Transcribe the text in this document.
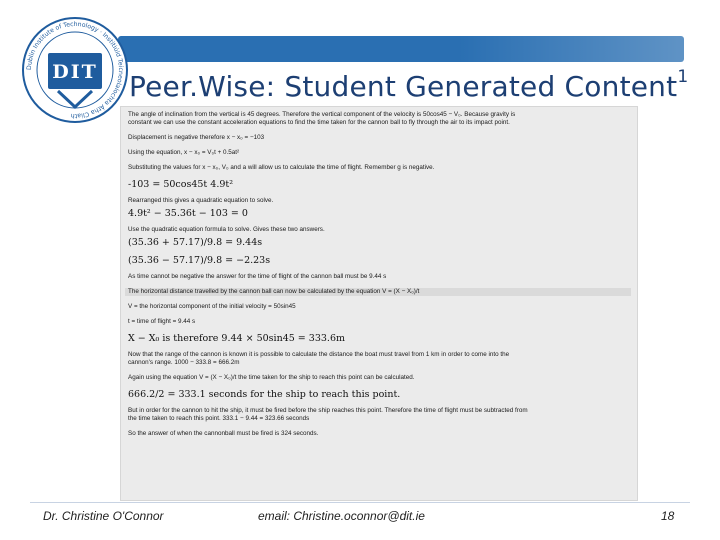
Dublin Institute of Technology · Institiúid Teicneolaíochta Átha Cliath
DIT Peer.Wise: Student Generated Content$^1$
The angle of inclination from the vertical is 45 degrees. Therefore the vertical component of the velocity is 50cos45 − V₀. Because gravity is
constant we can use the constant acceleration equations to find the time taken for the cannon ball to fly through the air to its impact point.
Displacement is negative therefore x − x₀ = −103
Using the equation, x − x₀ = V₀t + 0.5at²
Substituting the values for x − x₀, V₀ and a will allow us to calculate the time of flight. Remember g is negative.
-103 = 50cos45t 4.9t²
Rearranged this gives a quadratic equation to solve.
4.9t² − 35.36t − 103 = 0
Use the quadratic equation formula to solve. Gives these two answers.
(35.36 + 57.17)/9.8 = 9.44s
(35.36 − 57.17)/9.8 = −2.23s
As time cannot be negative the answer for the time of flight of the cannon ball must be 9.44 s
The horizontal distance travelled by the cannon ball can now be calculated by the equation V = (X − X₀)/t
V = the horizontal component of the initial velocity = 50sin45
t = time of flight = 9.44 s
X − X₀ is therefore 9.44 × 50sin45 = 333.6m
Now that the range of the cannon is known it is possible to calculate the distance the boat must travel from 1 km in order to come into the
cannon's range. 1000 − 333.8 = 666.2m
Again using the equation V = (X − X₀)/t the time taken for the ship to reach this point can be calculated.
666.2/2 = 333.1 seconds for the ship to reach this point.
But in order for the cannon to hit the ship, it must be fired before the ship reaches this point. Therefore the time of flight must be subtracted from
the time taken to reach this point. 333.1 − 9.44 = 323.66 seconds
So the answer of when the cannonball must be fired is 324 seconds.
Dr. Christine O'Connor	email: Christine.oconnor@dit.ie	18
